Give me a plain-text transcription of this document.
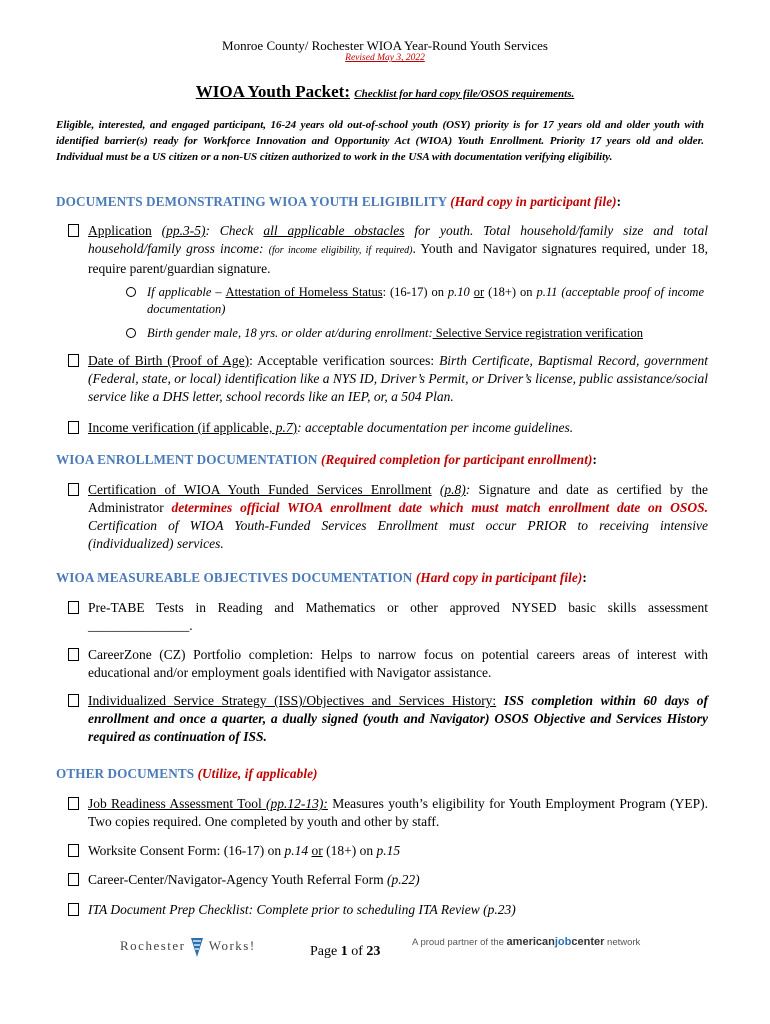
Monroe County/ Rochester WIOA Year-Round Youth Services
Revised May 3, 2022
WIOA Youth Packet: Checklist for hard copy file/OSOS requirements.
Eligible, interested, and engaged participant, 16-24 years old out-of-school youth (OSY) priority is for 17 years old and older youth with identified barrier(s) ready for Workforce Innovation and Opportunity Act (WIOA) Youth Enrollment. Priority 17 years old and older. Individual must be a US citizen or a non-US citizen authorized to work in the USA with documentation verifying eligibility.
DOCUMENTS DEMONSTRATING WIOA YOUTH ELIGIBILITY (Hard copy in participant file):
Application (pp.3-5): Check all applicable obstacles for youth. Total household/family size and total household/family gross income: (for income eligibility, if required). Youth and Navigator signatures required, under 18, require parent/guardian signature.
If applicable – Attestation of Homeless Status: (16-17) on p.10 or (18+) on p.11 (acceptable proof of income documentation)
Birth gender male, 18 yrs. or older at/during enrollment: Selective Service registration verification
Date of Birth (Proof of Age): Acceptable verification sources: Birth Certificate, Baptismal Record, government (Federal, state, or local) identification like a NYS ID, Driver’s Permit, or Driver’s license, public assistance/social service like a DHS letter, school records like an IEP, or, a 504 Plan.
Income verification (if applicable, p.7): acceptable documentation per income guidelines.
WIOA ENROLLMENT DOCUMENTATION (Required completion for participant enrollment):
Certification of WIOA Youth Funded Services Enrollment (p.8): Signature and date as certified by the Administrator determines official WIOA enrollment date which must match enrollment date on OSOS. Certification of WIOA Youth-Funded Services Enrollment must occur PRIOR to receiving intensive (individualized) services.
WIOA MEASUREABLE OBJECTIVES DOCUMENTATION (Hard copy in participant file):
Pre-TABE Tests in Reading and Mathematics or other approved NYSED basic skills assessment _______________.
CareerZone (CZ) Portfolio completion: Helps to narrow focus on potential careers areas of interest with educational and/or employment goals identified with Navigator assistance.
Individualized Service Strategy (ISS)/Objectives and Services History: ISS completion within 60 days of enrollment and once a quarter, a dually signed (youth and Navigator) OSOS Objective and Services History required as continuation of ISS.
OTHER DOCUMENTS (Utilize, if applicable)
Job Readiness Assessment Tool (pp.12-13): Measures youth’s eligibility for Youth Employment Program (YEP). Two copies required. One completed by youth and other by staff.
Worksite Consent Form: (16-17) on p.14 or (18+) on p.15
Career-Center/Navigator-Agency Youth Referral Form (p.22)
ITA Document Prep Checklist: Complete prior to scheduling ITA Review (p.23)
Rochester Works!	Page 1 of 23
A proud partner of the americanjobcenter network
